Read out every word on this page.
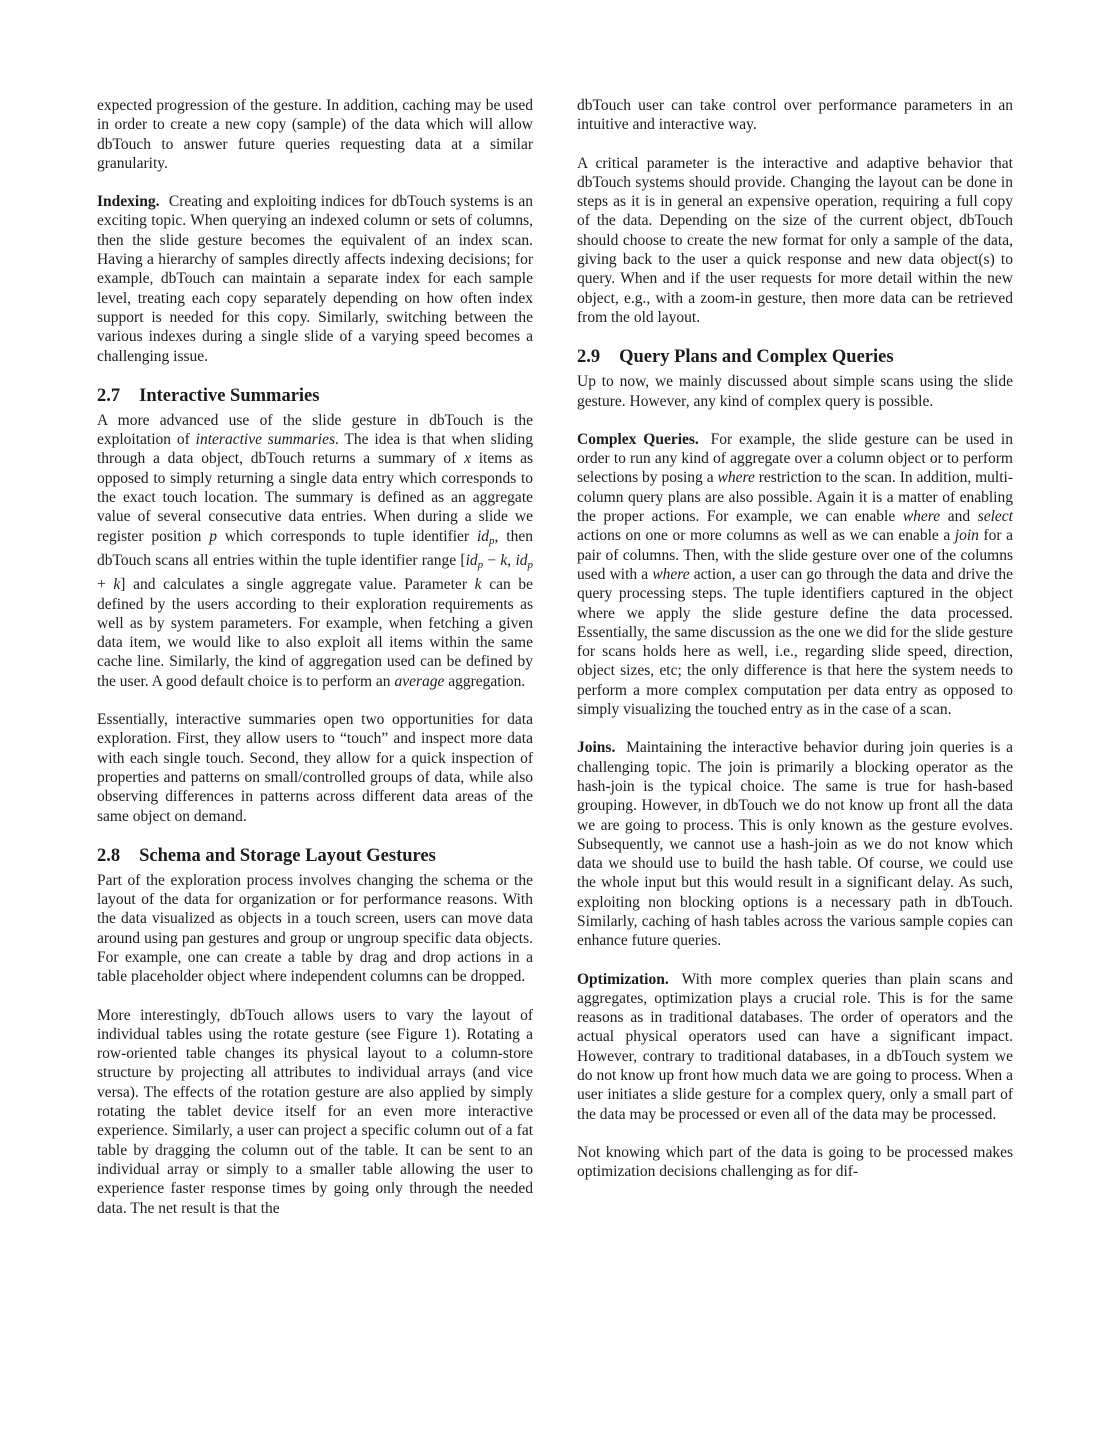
expected progression of the gesture. In addition, caching may be used in order to create a new copy (sample) of the data which will allow dbTouch to answer future queries requesting data at a similar granularity.

Indexing. Creating and exploiting indices for dbTouch systems is an exciting topic. When querying an indexed column or sets of columns, then the slide gesture becomes the equivalent of an index scan. Having a hierarchy of samples directly affects indexing decisions; for example, dbTouch can maintain a separate index for each sample level, treating each copy separately depending on how often index support is needed for this copy. Similarly, switching between the various indexes during a single slide of a varying speed becomes a challenging issue.

2.7 Interactive Summaries

A more advanced use of the slide gesture in dbTouch is the exploitation of interactive summaries. The idea is that when sliding through a data object, dbTouch returns a summary of x items as opposed to simply returning a single data entry which corresponds to the exact touch location. The summary is defined as an aggregate value of several consecutive data entries. When during a slide we register position p which corresponds to tuple identifier idp, then dbTouch scans all entries within the tuple identifier range [idp − k, idp + k] and calculates a single aggregate value. Parameter k can be defined by the users according to their exploration requirements as well as by system parameters. For example, when fetching a given data item, we would like to also exploit all items within the same cache line. Similarly, the kind of aggregation used can be defined by the user. A good default choice is to perform an average aggregation.

Essentially, interactive summaries open two opportunities for data exploration. First, they allow users to “touch” and inspect more data with each single touch. Second, they allow for a quick inspection of properties and patterns on small/controlled groups of data, while also observing differences in patterns across different data areas of the same object on demand.

2.8 Schema and Storage Layout Gestures

Part of the exploration process involves changing the schema or the layout of the data for organization or for performance reasons. With the data visualized as objects in a touch screen, users can move data around using pan gestures and group or ungroup specific data objects. For example, one can create a table by drag and drop actions in a table placeholder object where independent columns can be dropped.

More interestingly, dbTouch allows users to vary the layout of individual tables using the rotate gesture (see Figure 1). Rotating a row-oriented table changes its physical layout to a column-store structure by projecting all attributes to individual arrays (and vice versa). The effects of the rotation gesture are also applied by simply rotating the tablet device itself for an even more interactive experience. Similarly, a user can project a specific column out of a fat table by dragging the column out of the table. It can be sent to an individual array or simply to a smaller table allowing the user to experience faster response times by going only through the needed data. The net result is that the

dbTouch user can take control over performance parameters in an intuitive and interactive way.

A critical parameter is the interactive and adaptive behavior that dbTouch systems should provide. Changing the layout can be done in steps as it is in general an expensive operation, requiring a full copy of the data. Depending on the size of the current object, dbTouch should choose to create the new format for only a sample of the data, giving back to the user a quick response and new data object(s) to query. When and if the user requests for more detail within the new object, e.g., with a zoom-in gesture, then more data can be retrieved from the old layout.

2.9 Query Plans and Complex Queries

Up to now, we mainly discussed about simple scans using the slide gesture. However, any kind of complex query is possible.

Complex Queries. For example, the slide gesture can be used in order to run any kind of aggregate over a column object or to perform selections by posing a where restriction to the scan. In addition, multi-column query plans are also possible. Again it is a matter of enabling the proper actions. For example, we can enable where and select actions on one or more columns as well as we can enable a join for a pair of columns. Then, with the slide gesture over one of the columns used with a where action, a user can go through the data and drive the query processing steps. The tuple identifiers captured in the object where we apply the slide gesture define the data processed. Essentially, the same discussion as the one we did for the slide gesture for scans holds here as well, i.e., regarding slide speed, direction, object sizes, etc; the only difference is that here the system needs to perform a more complex computation per data entry as opposed to simply visualizing the touched entry as in the case of a scan.

Joins. Maintaining the interactive behavior during join queries is a challenging topic. The join is primarily a blocking operator as the hash-join is the typical choice. The same is true for hash-based grouping. However, in dbTouch we do not know up front all the data we are going to process. This is only known as the gesture evolves. Subsequently, we cannot use a hash-join as we do not know which data we should use to build the hash table. Of course, we could use the whole input but this would result in a significant delay. As such, exploiting non blocking options is a necessary path in dbTouch. Similarly, caching of hash tables across the various sample copies can enhance future queries.

Optimization. With more complex queries than plain scans and aggregates, optimization plays a crucial role. This is for the same reasons as in traditional databases. The order of operators and the actual physical operators used can have a significant impact. However, contrary to traditional databases, in a dbTouch system we do not know up front how much data we are going to process. When a user initiates a slide gesture for a complex query, only a small part of the data may be processed or even all of the data may be processed.

Not knowing which part of the data is going to be processed makes optimization decisions challenging as for dif-
